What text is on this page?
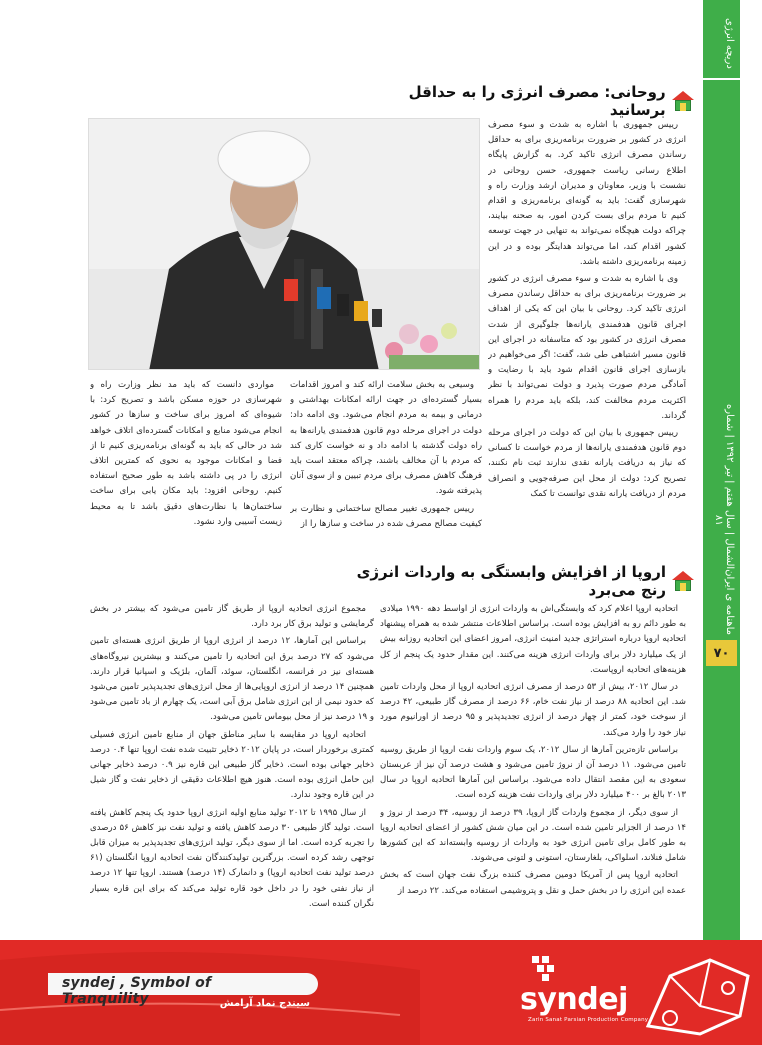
دریچه انرژی
ماهنامه ی ایران‌الشمال | سال هفتم | تیر ۱۳۹۲ | شماره ۸۱
۷۰
روحانی: مصرف انرژی را به حداقل برسانید

رییس جمهوری با اشاره به شدت و سوء مصرف انرژی در کشور بر ضرورت برنامه‌ریزی برای به حداقل رساندن مصرف انرژی تاکید کرد. به گزارش پایگاه اطلاع رسانی ریاست جمهوری، حسن روحانی در نشست با وزیر، معاونان و مدیران ارشد وزارت راه و شهرسازی گفت: باید به گونه‌ای برنامه‌ریزی و اقدام کنیم تا مردم برای بست کردن امور، به صحنه بیایند، چراکه دولت هیچگاه نمی‌تواند به تنهایی در جهت توسعه کشور اقدام کند، اما می‌تواند هدایتگر بوده و در این زمینه برنامه‌ریزی داشته باشد.

وی با اشاره به شدت و سوء مصرف انرژی در کشور بر ضرورت برنامه‌ریزی برای به حداقل رساندن مصرف انرژی تاکید کرد. روحانی با بیان این که یکی از اهداف اجرای قانون هدفمندی یارانه‌ها جلوگیری از شدت مصرف انرژی در کشور بود که متاسفانه در اجرای این قانون مسیر اشتباهی طی شد، گفت: اگر می‌خواهیم در بازسازی اجرای قانون اقدام شود باید با رضایت و آمادگی مردم صورت پذیرد و دولت نمی‌تواند با نظر اکثریت مردم مخالفت کند، بلکه باید مردم را همراه گرداند.

رییس جمهوری با بیان این که دولت در اجرای مرحله دوم قانون هدفمندی یارانه‌ها از مردم خواست تا کسانی که نیاز به دریافت یارانه نقدی ندارند ثبت نام نکنند، تصریح کرد: دولت از محل این صرفه‌جویی و انصراف مردم از دریافت یارانه نقدی توانست تا کمک

وسیعی به بخش سلامت ارائه کند و امروز اقدامات بسیار گسترده‌ای در جهت ارائه امکانات بهداشتی و درمانی و بیمه به مردم انجام می‌شود. وی ادامه داد: دولت در اجرای مرحله دوم قانون هدفمندی یارانه‌ها به راه دولت گذشته با ادامه داد و نه خواست کاری کند که مردم با آن مخالف باشند، چراکه معتقد است باید فرهنگ کاهش مصرف برای مردم تبیین و از سوی آنان پذیرفته شود.

رییس جمهوری تغییر مصالح ساختمانی و نظارت بر کیفیت مصالح مصرف شده در ساخت و سازها را از

مواردی دانست که باید مد نظر وزارت راه و شهرسازی در حوزه مسکن باشد و تصریح کرد: با شیوه‌ای که امروز برای ساخت و سازها در کشور انجام می‌شود منابع و امکانات گسترده‌ای اتلاف خواهد شد در حالی که باید به گونه‌ای برنامه‌ریزی کنیم تا از فضا و امکانات موجود به نحوی که کمترین اتلاف انرژی را در پی داشته باشد به طور صحیح استفاده کنیم. روحانی افزود: باید مکان یابی برای ساخت ساختمان‌ها با نظارت‌های دقیق باشد تا به محیط زیست آسیبی وارد نشود.

اروپا از افزایش وابستگی به واردات انرژی رنج می‌برد

اتحادیه اروپا اعلام کرد که وابستگی‌اش به واردات انرژی از اواسط دهه ۱۹۹۰ میلادی به طور دائم رو به افزایش بوده است. براساس اطلاعات منتشر شده به همراه پیشنهاد اتحادیه اروپا درباره استراتژی جدید امنیت انرژی، امروز اعضای این اتحادیه روزانه بیش از یک میلیارد دلار برای واردات انرژی هزینه می‌کنند. این مقدار حدود یک پنجم از کل هزینه‌های اتحادیه اروپاست.

در سال ۲۰۱۲، بیش از ۵۳ درصد از مصرف انرژی اتحادیه اروپا از محل واردات تامین شد. این اتحادیه ۸۸ درصد از نیاز نفت خام، ۶۶ درصد از مصرف گاز طبیعی، ۴۲ درصد از سوخت خود، کمتر از چهار درصد از انرژی تجدیدپذیر و ۹۵ درصد از اورانیوم مورد نیاز خود را وارد می‌کند.

براساس تازه‌ترین آمارها از سال ۲۰۱۲، یک سوم واردات نفت اروپا از طریق روسیه تامین می‌شود. ۱۱ درصد آن از نروژ تامین می‌شود و هشت درصد آن نیز از عربستان سعودی به این مقصد انتقال داده می‌شود. براساس این آمارها اتحادیه اروپا در سال ۲۰۱۳ بالغ بر ۴۰۰ میلیارد دلار برای واردات نفت هزینه کرده است.

از سوی دیگر، از مجموع واردات گاز اروپا، ۳۹ درصد از روسیه، ۳۴ درصد از نروژ و ۱۴ درصد از الجزایر تامین شده است. در این میان شش کشور از اعضای اتحادیه اروپا به طور کامل برای تامین انرژی خود به واردات از روسیه وابسته‌اند که این کشورها شامل فنلاند، اسلواکی، بلغارستان، استونی و لتونی می‌شوند.

اتحادیه اروپا پس از آمریکا دومین مصرف کننده بزرگ نفت جهان است که بخش عمده این انرژی را در بخش حمل و نقل و پتروشیمی استفاده می‌کند. ۲۲ درصد از

مجموع انرژی اتحادیه اروپا از طریق گاز تامین می‌شود که بیشتر در بخش گرمایشی و تولید برق کار برد دارد.

براساس این آمارها، ۱۲ درصد از انرژی اروپا از طریق انرژی هسته‌ای تامین می‌شود که ۲۷ درصد برق این اتحادیه را تامین می‌کنند و بیشترین نیروگاه‌های هسته‌ای نیز در فرانسه، انگلستان، سوئد، آلمان، بلژیک و اسپانیا قرار دارند. همچنین ۱۴ درصد از انرژی اروپایی‌ها از محل انرژی‌های تجدیدپذیر تامین می‌شود که حدود نیمی از این انرژی شامل برق آبی است، یک چهارم از باد تامین می‌شود و ۱۹ درصد نیز از محل بیوماس تامین می‌شود.

اتحادیه اروپا در مقایسه با سایر مناطق جهان از منابع تامین انرژی فسیلی کمتری برخوردار است، در پایان ۲۰۱۲ ذخایر تثبیت شده نفت اروپا تنها ۰.۴ درصد ذخایر جهانی بوده است. ذخایر گاز طبیعی این قاره نیز ۰.۹ درصد ذخایر جهانی این حامل انرژی بوده است. هنوز هیچ اطلاعات دقیقی از ذخایر نفت و گاز شیل در این قاره وجود ندارد.

از سال ۱۹۹۵ تا ۲۰۱۲ تولید منابع اولیه انرژی اروپا حدود یک پنجم کاهش یافته است. تولید گاز طبیعی ۳۰ درصد کاهش یافته و تولید نفت نیز کاهش ۵۶ درصدی را تجربه کرده است. اما از سوی دیگر، تولید انرژی‌های تجدیدپذیر به میزان قابل توجهی رشد کرده است. بزرگترین تولیدکنندگان نفت اتحادیه اروپا انگلستان (۶۱ درصد تولید نفت اتحادیه اروپا) و دانمارک (۱۴ درصد) هستند. اروپا تنها ۱۲ درصد از نیاز نفتی خود را در داخل خود قاره تولید می‌کند که برای این قاره بسیار نگران کننده است.

syndej , Symbol of Tranquility	سیندج نماد آرامش	syndej
Zarin Sanat Parsian Production Company
